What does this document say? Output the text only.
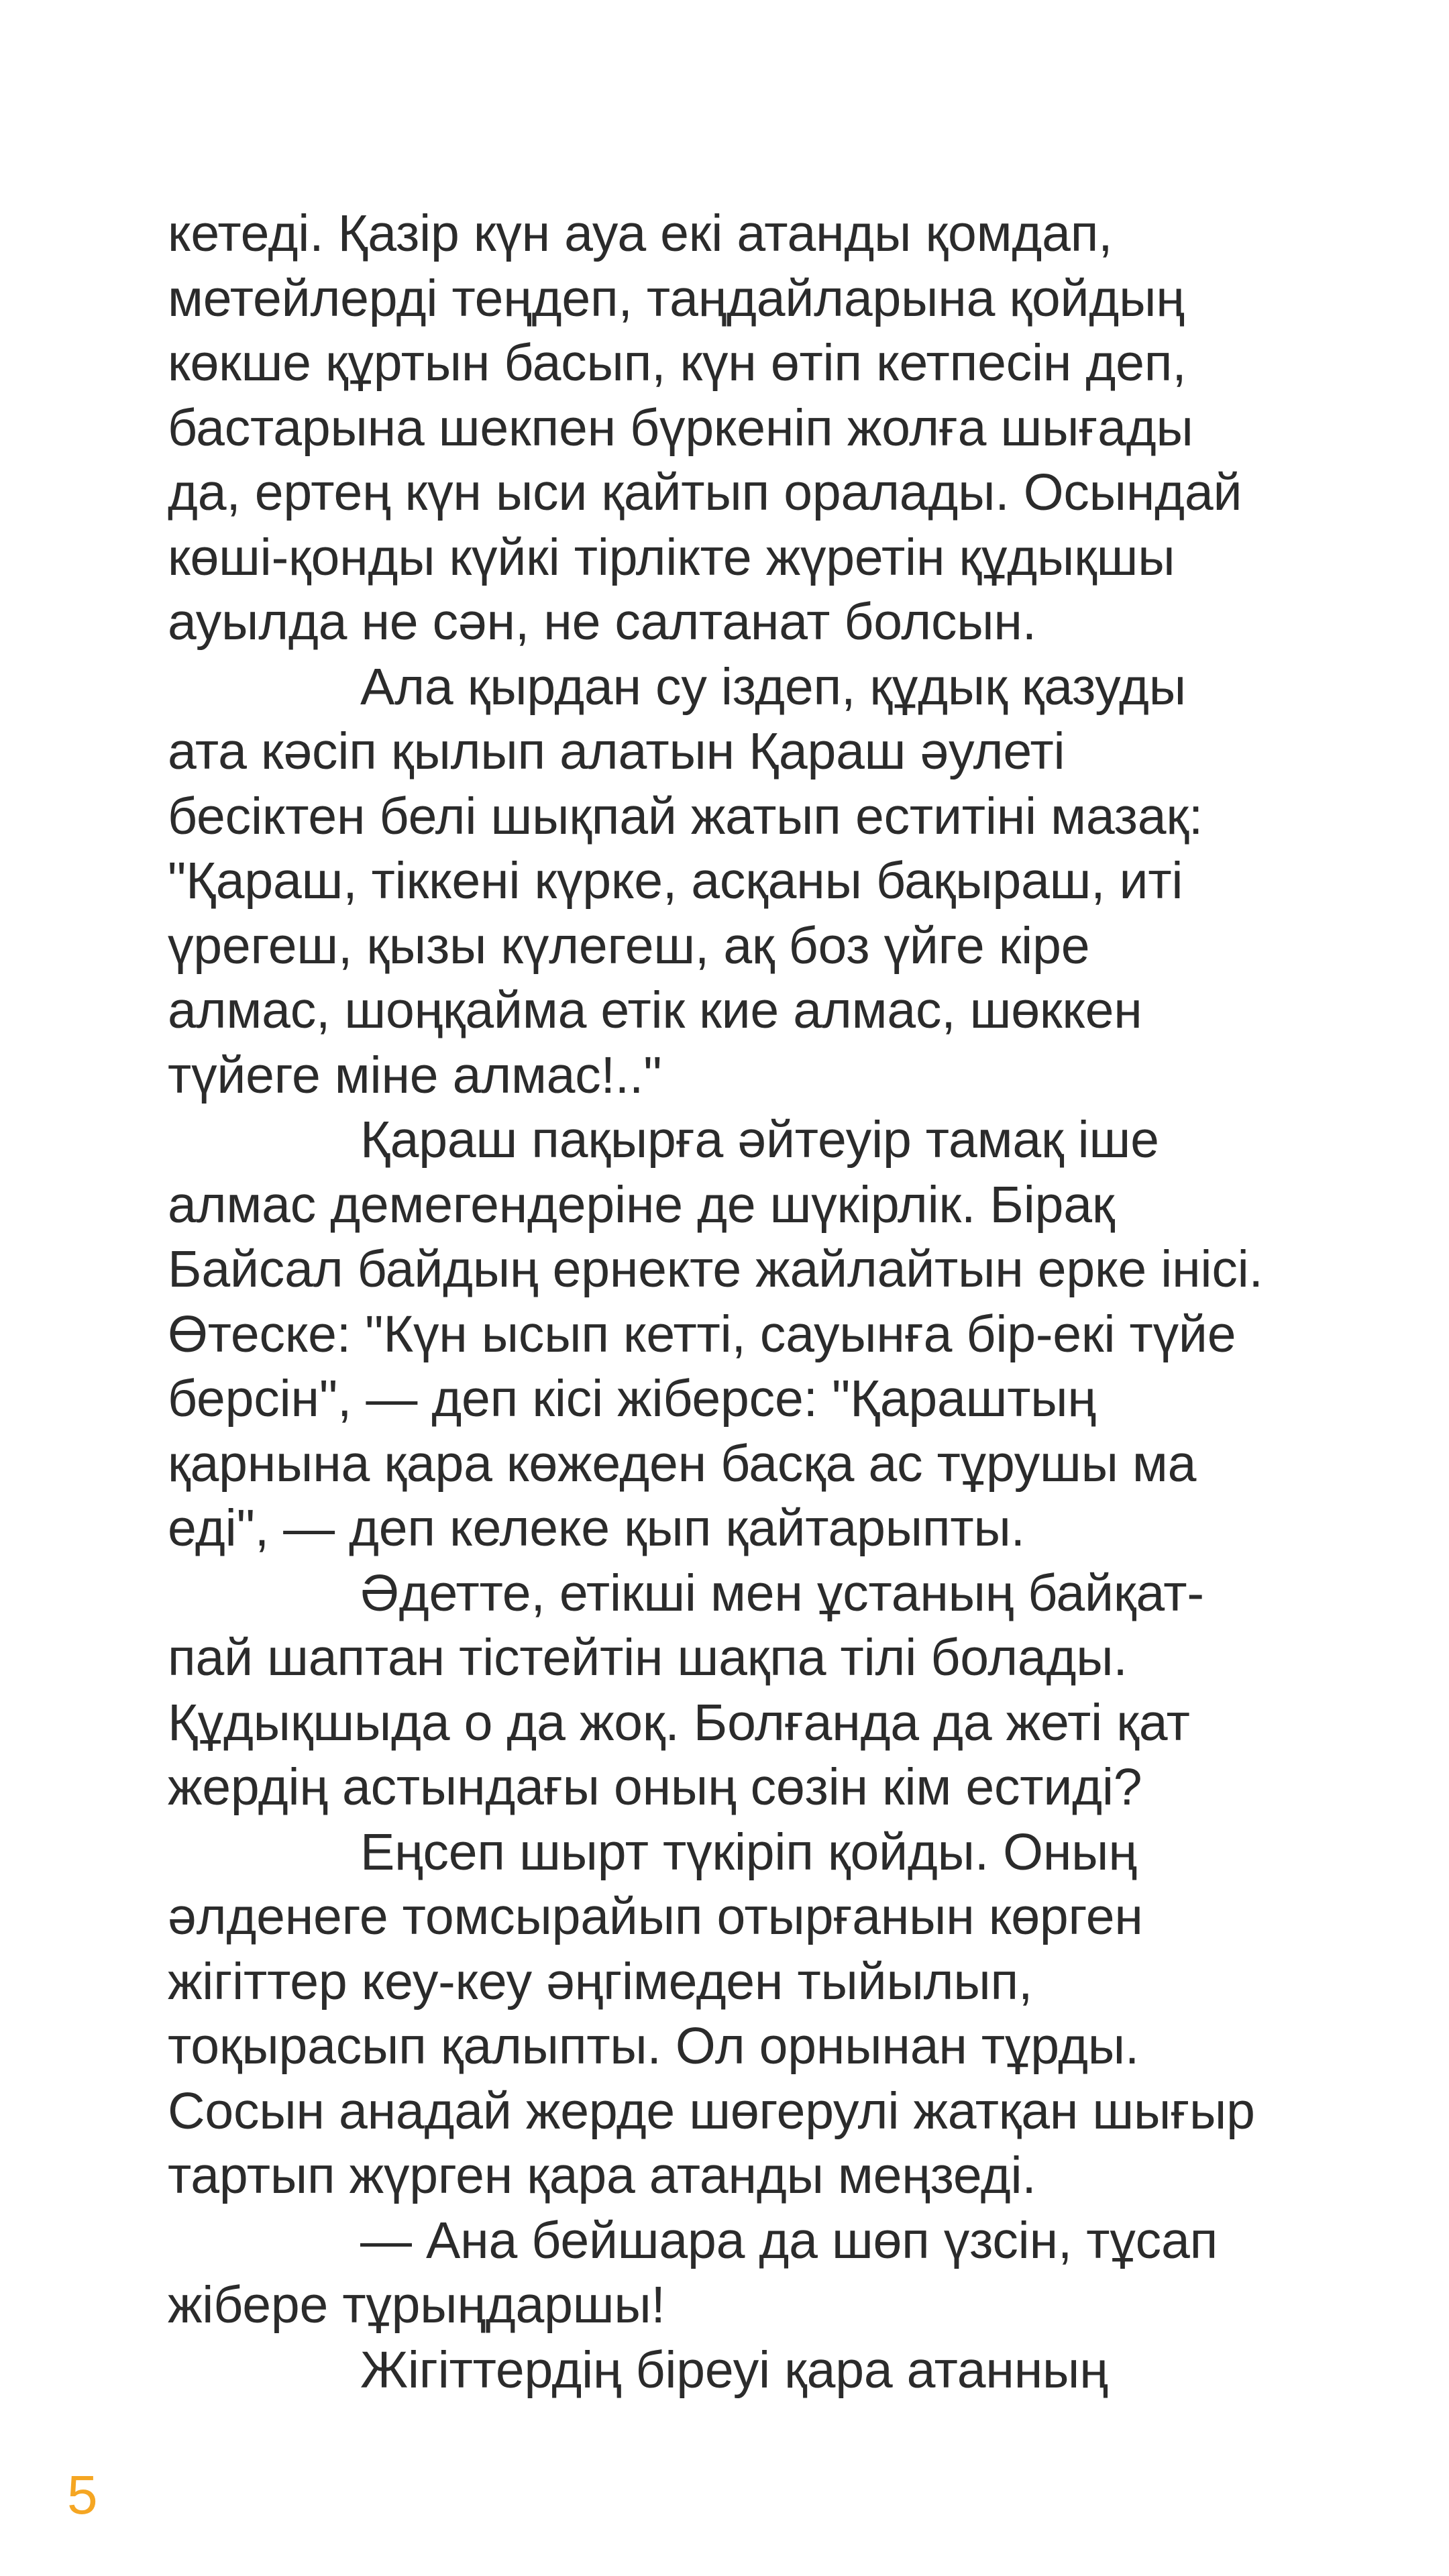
кетеді. Қазір күн ауа екі атанды қомдап,
метейлерді теңдеп, таңдайларына қойдың
көкше құртын басып, күн өтіп кетпесін деп,
бастарына шекпен бүркеніп жолға шығады
да, ертең күн ыси қайтып оралады. Осындай
көші-қонды күйкі тірлікте жүретін құдықшы
ауылда не сән, не салтанат болсын.
Ала қырдан су іздеп, құдық қазуды
ата кәсіп қылып алатын Қараш әулеті
бесіктен белі шықпай жатып еститіні мазақ:
"Қараш, тіккені күрке, асқаны бақыраш, иті
үрегеш, қызы күлегеш, ақ боз үйге кіре
алмас, шоңқайма етік кие алмас, шөккен
түйеге міне алмас!.."
Қараш пақырға әйтеуір тамақ іше
алмас демегендеріне де шүкірлік. Бірақ
Байсал байдың ернекте жайлайтын ерке інісі.
Өтеске: "Күн ысып кетті, сауынға бір-екі түйе
берсін", — деп кісі жіберсе: "Қараштың
қарнына қара көжеден басқа ас тұрушы ма
еді", — деп келеке қып қайтарыпты.
Әдетте, етікші мен ұстаның байқат-
пай шаптан тістейтін шақпа тілі болады.
Құдықшыда о да жоқ. Болғанда да жеті қат
жердің астындағы оның сөзін кім естиді?
Еңсеп шырт түкіріп қойды. Оның
әлденеге томсырайып отырғанын көрген
жігіттер кеу-кеу әңгімеден тыйылып,
тоқырасып қалыпты. Ол орнынан тұрды.
Сосын анадай жерде шөгерулі жатқан шығыр
тартып жүрген қара атанды меңзеді.
— Ана бейшара да шөп үзсін, тұсап
жібере тұрыңдаршы!
Жігіттердің біреуі қара атанның
5
